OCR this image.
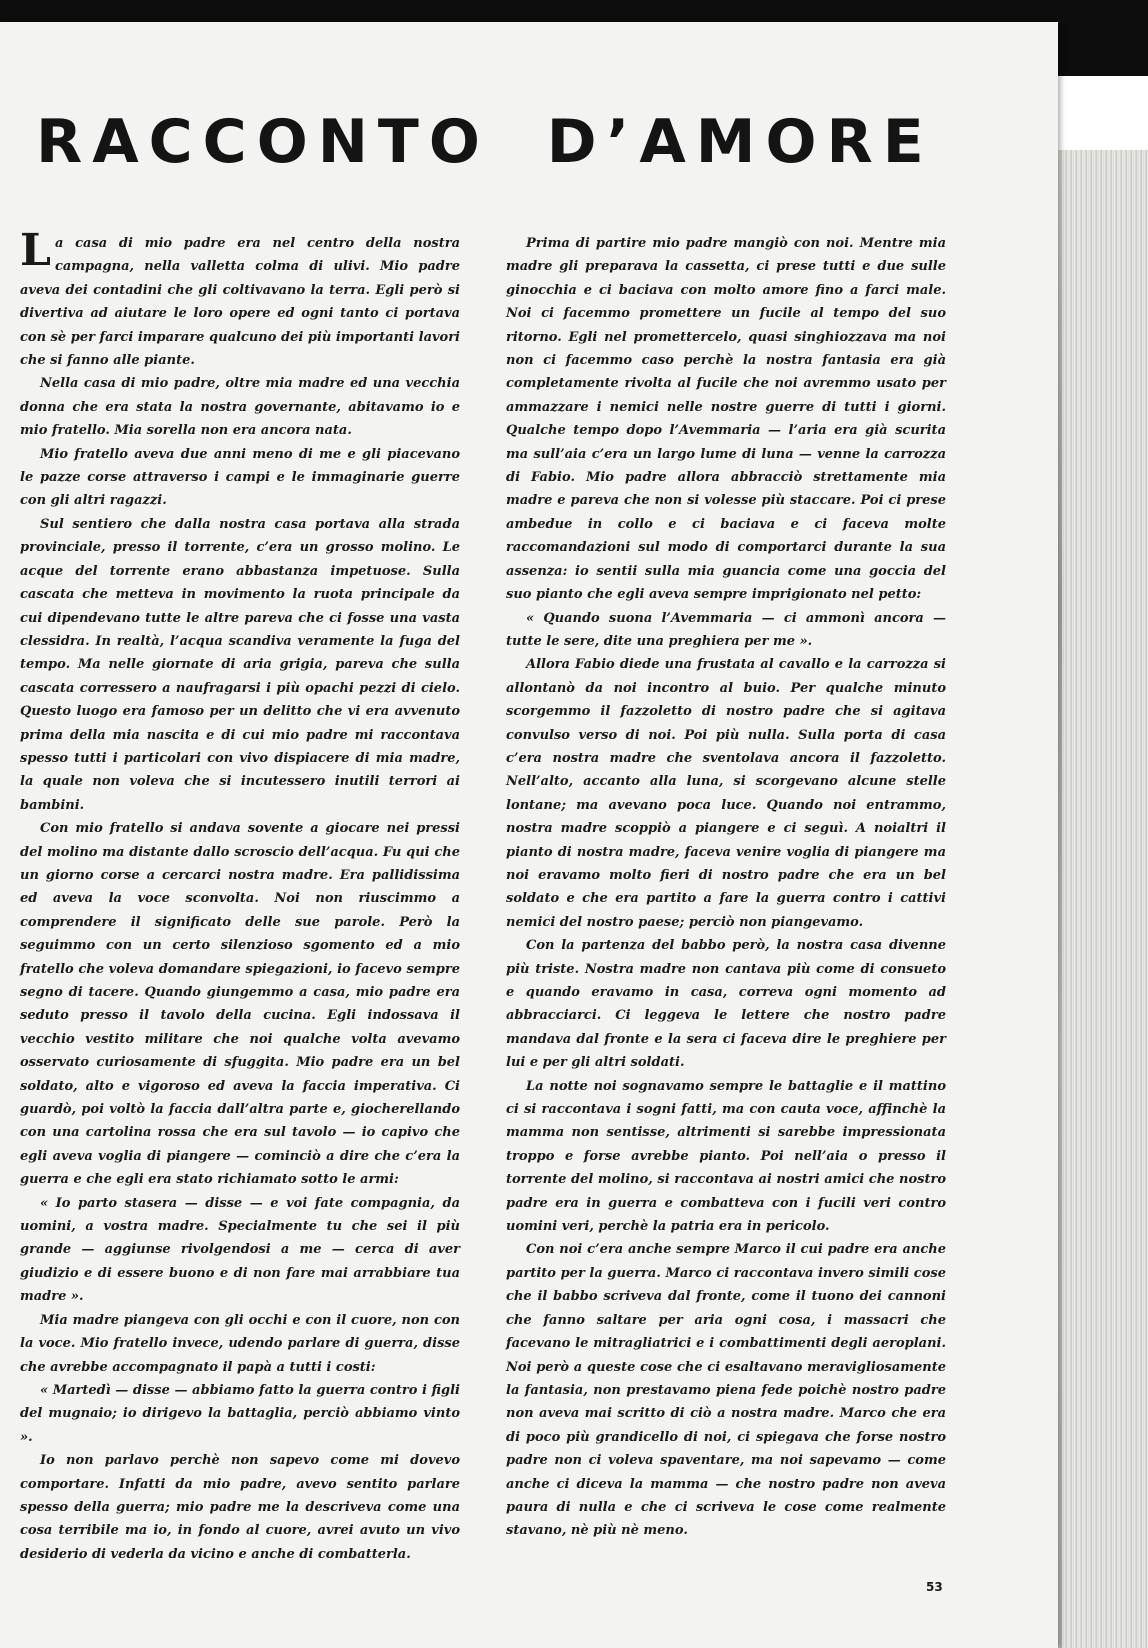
RACCONTO D’AMORE

La casa di mio padre era nel centro della nostra campagna, nella valletta colma di ulivi. Mio padre aveva dei contadini che gli coltivavano la terra. Egli però si divertiva ad aiutare le loro opere ed ogni tanto ci portava con sè per farci imparare qualcuno dei più importanti lavori che si fanno alle piante.

Nella casa di mio padre, oltre mia madre ed una vecchia donna che era stata la nostra governante, abitavamo io e mio fratello. Mia sorella non era ancora nata.

Mio fratello aveva due anni meno di me e gli piacevano le pazze corse attraverso i campi e le immaginarie guerre con gli altri ragazzi.

Sul sentiero che dalla nostra casa portava alla strada provinciale, presso il torrente, c’era un grosso molino. Le acque del torrente erano abbastanza impetuose. Sulla cascata che metteva in movimento la ruota principale da cui dipendevano tutte le altre pareva che ci fosse una vasta clessidra. In realtà, l’acqua scandiva veramente la fuga del tempo. Ma nelle giornate di aria grigia, pareva che sulla cascata corressero a naufragarsi i più opachi pezzi di cielo. Questo luogo era famoso per un delitto che vi era avvenuto prima della mia nascita e di cui mio padre mi raccontava spesso tutti i particolari con vivo dispiacere di mia madre, la quale non voleva che si incutessero inutili terrori ai bambini.

Con mio fratello si andava sovente a giocare nei pressi del molino ma distante dallo scroscio dell’acqua. Fu qui che un giorno corse a cercarci nostra madre. Era pallidissima ed aveva la voce sconvolta. Noi non riuscimmo a comprendere il significato delle sue parole. Però la seguimmo con un certo silenzioso sgomento ed a mio fratello che voleva domandare spiegazioni, io facevo sempre segno di tacere. Quando giungemmo a casa, mio padre era seduto presso il tavolo della cucina. Egli indossava il vecchio vestito militare che noi qualche volta avevamo osservato curiosamente di sfuggita. Mio padre era un bel soldato, alto e vigoroso ed aveva la faccia imperativa. Ci guardò, poi voltò la faccia dall’altra parte e, giocherellando con una cartolina rossa che era sul tavolo — io capivo che egli aveva voglia di piangere — cominciò a dire che c’era la guerra e che egli era stato richiamato sotto le armi:

« Io parto stasera — disse — e voi fate compagnia, da uomini, a vostra madre. Specialmente tu che sei il più grande — aggiunse rivolgendosi a me — cerca di aver giudizio e di essere buono e di non fare mai arrabbiare tua madre ».

Mia madre piangeva con gli occhi e con il cuore, non con la voce. Mio fratello invece, udendo parlare di guerra, disse che avrebbe accompagnato il papà a tutti i costi:

« Martedì — disse — abbiamo fatto la guerra contro i figli del mugnaio; io dirigevo la battaglia, perciò abbiamo vinto ».

Io non parlavo perchè non sapevo come mi dovevo comportare. Infatti da mio padre, avevo sentito parlare spesso della guerra; mio padre me la descriveva come una cosa terribile ma io, in fondo al cuore, avrei avuto un vivo desiderio di vederla da vicino e anche di combatterla.

Prima di partire mio padre mangiò con noi. Mentre mia madre gli preparava la cassetta, ci prese tutti e due sulle ginocchia e ci baciava con molto amore fino a farci male. Noi ci facemmo promettere un fucile al tempo del suo ritorno. Egli nel promettercelo, quasi singhiozzava ma noi non ci facemmo caso perchè la nostra fantasia era già completamente rivolta al fucile che noi avremmo usato per ammazzare i nemici nelle nostre guerre di tutti i giorni. Qualche tempo dopo l’Avemmaria — l’aria era già scurita ma sull’aia c’era un largo lume di luna — venne la carrozza di Fabio. Mio padre allora abbracciò strettamente mia madre e pareva che non si volesse più staccare. Poi ci prese ambedue in collo e ci baciava e ci faceva molte raccomandazioni sul modo di comportarci durante la sua assenza: io sentii sulla mia guancia come una goccia del suo pianto che egli aveva sempre imprigionato nel petto:

« Quando suona l’Avemmaria — ci ammonì ancora — tutte le sere, dite una preghiera per me ».

Allora Fabio diede una frustata al cavallo e la carrozza si allontanò da noi incontro al buio. Per qualche minuto scorgemmo il fazzoletto di nostro padre che si agitava convulso verso di noi. Poi più nulla. Sulla porta di casa c’era nostra madre che sventolava ancora il fazzoletto. Nell’alto, accanto alla luna, si scorgevano alcune stelle lontane; ma avevano poca luce. Quando noi entrammo, nostra madre scoppiò a piangere e ci seguì. A noialtri il pianto di nostra madre, faceva venire voglia di piangere ma noi eravamo molto fieri di nostro padre che era un bel soldato e che era partito a fare la guerra contro i cattivi nemici del nostro paese; perciò non piangevamo.

Con la partenza del babbo però, la nostra casa divenne più triste. Nostra madre non cantava più come di consueto e quando eravamo in casa, correva ogni momento ad abbracciarci. Ci leggeva le lettere che nostro padre mandava dal fronte e la sera ci faceva dire le preghiere per lui e per gli altri soldati.

La notte noi sognavamo sempre le battaglie e il mattino ci si raccontava i sogni fatti, ma con cauta voce, affinchè la mamma non sentisse, altrimenti si sarebbe impressionata troppo e forse avrebbe pianto. Poi nell’aia o presso il torrente del molino, si raccontava ai nostri amici che nostro padre era in guerra e combatteva con i fucili veri contro uomini veri, perchè la patria era in pericolo.

Con noi c’era anche sempre Marco il cui padre era anche partito per la guerra. Marco ci raccontava invero simili cose che il babbo scriveva dal fronte, come il tuono dei cannoni che fanno saltare per aria ogni cosa, i massacri che facevano le mitragliatrici e i combattimenti degli aeroplani. Noi però a queste cose che ci esaltavano meravigliosamente la fantasia, non prestavamo piena fede poichè nostro padre non aveva mai scritto di ciò a nostra madre. Marco che era di poco più grandicello di noi, ci spiegava che forse nostro padre non ci voleva spaventare, ma noi sapevamo — come anche ci diceva la mamma — che nostro padre non aveva paura di nulla e che ci scriveva le cose come realmente stavano, nè più nè meno.

53
